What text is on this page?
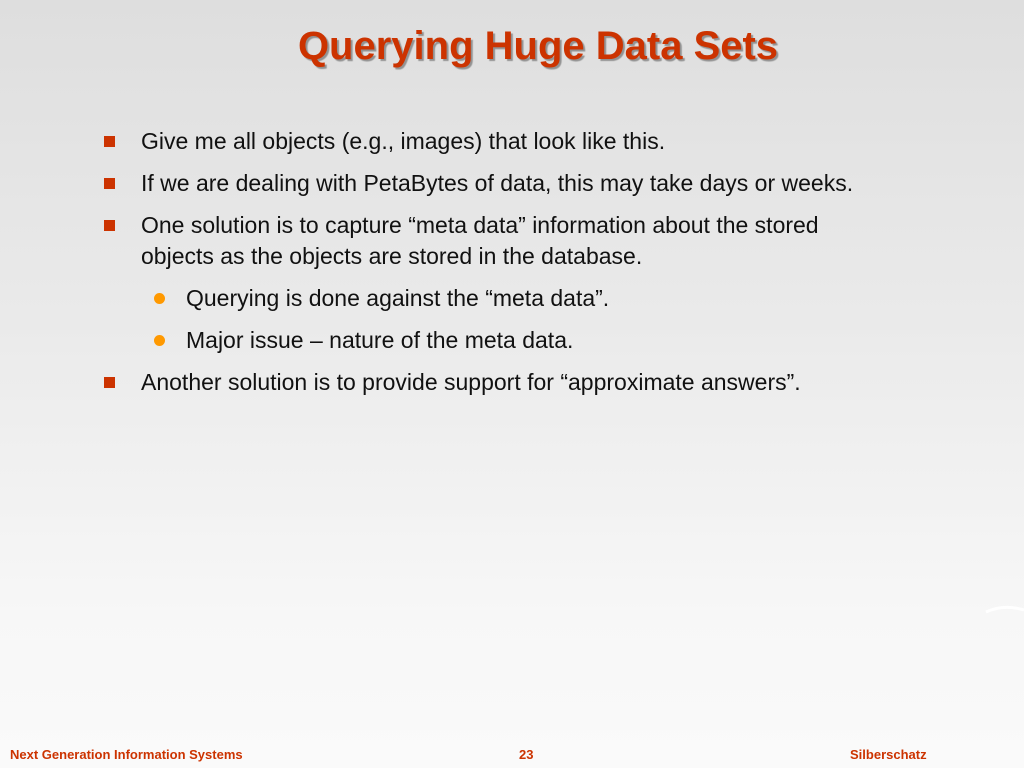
Querying Huge Data Sets
Give me all objects (e.g., images) that look like this.
If we are dealing with PetaBytes of data, this may take days or weeks.
One solution is to capture “meta data” information about the stored objects as the objects are stored in the database.
Querying is done against the “meta data”.
Major issue – nature of the meta data.
Another solution is to provide support for “approximate answers”.
Next Generation Information Systems	23	Silberschatz
